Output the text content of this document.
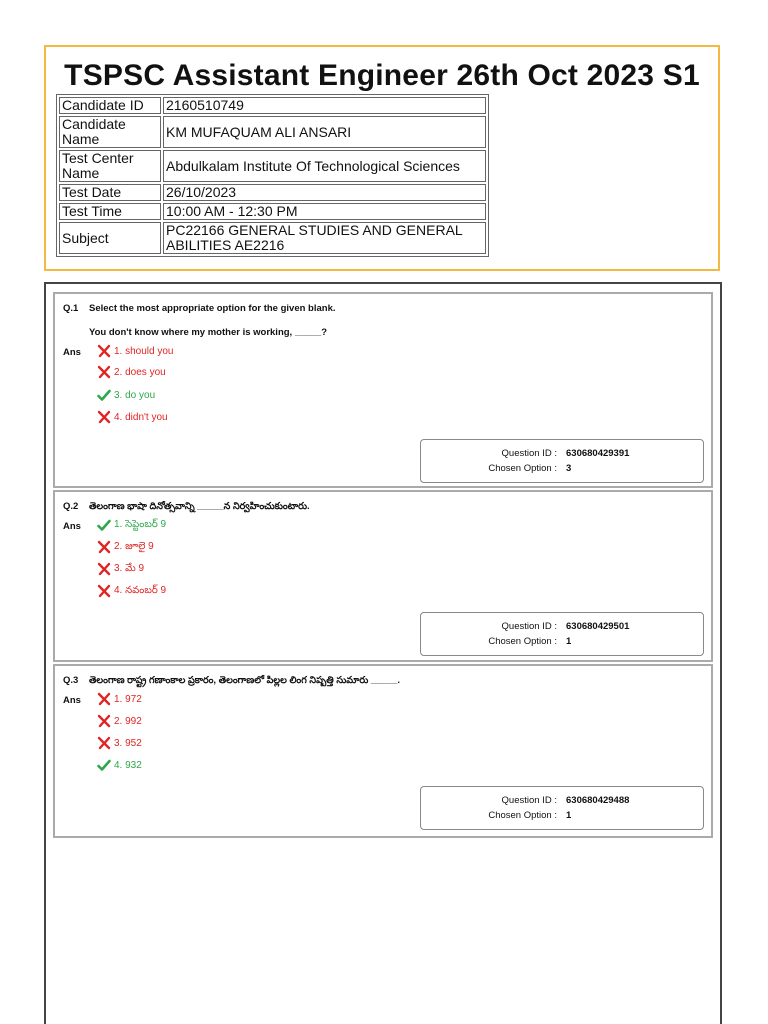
TSPSC Assistant Engineer 26th Oct 2023 S1
Candidate ID	2160510749
Candidate Name	KM MUFAQUAM ALI ANSARI
Test Center Name	Abdulkalam Institute Of Technological Sciences
Test Date	26/10/2023
Test Time	10:00 AM - 12:30 PM
Subject	PC22166 GENERAL STUDIES AND GENERAL ABILITIES AE2216
Q.1 Select the most appropriate option for the given blank.
You don't know where my mother is working, _____?
Ans	1. should you
2. does you
3. do you
4. didn't you
Question ID : 630680429391
Chosen Option : 3
Q.2 తెలంగాణ భాషా దినోత్సవాన్ని _____న నిర్వహించుకుంటారు.
Ans	1. సెప్టెంబర్ 9
2. జూలై 9
3. మే 9
4. నవంబర్ 9
Question ID : 630680429501
Chosen Option : 1
Q.3 తెలంగాణ రాష్ట్ర గణాంకాల ప్రకారం, తెలంగాణలో పిల్లల లింగ నిష్పత్తి సుమారు _____.
Ans	1. 972
2. 992
3. 952
4. 932
Question ID : 630680429488
Chosen Option : 1
